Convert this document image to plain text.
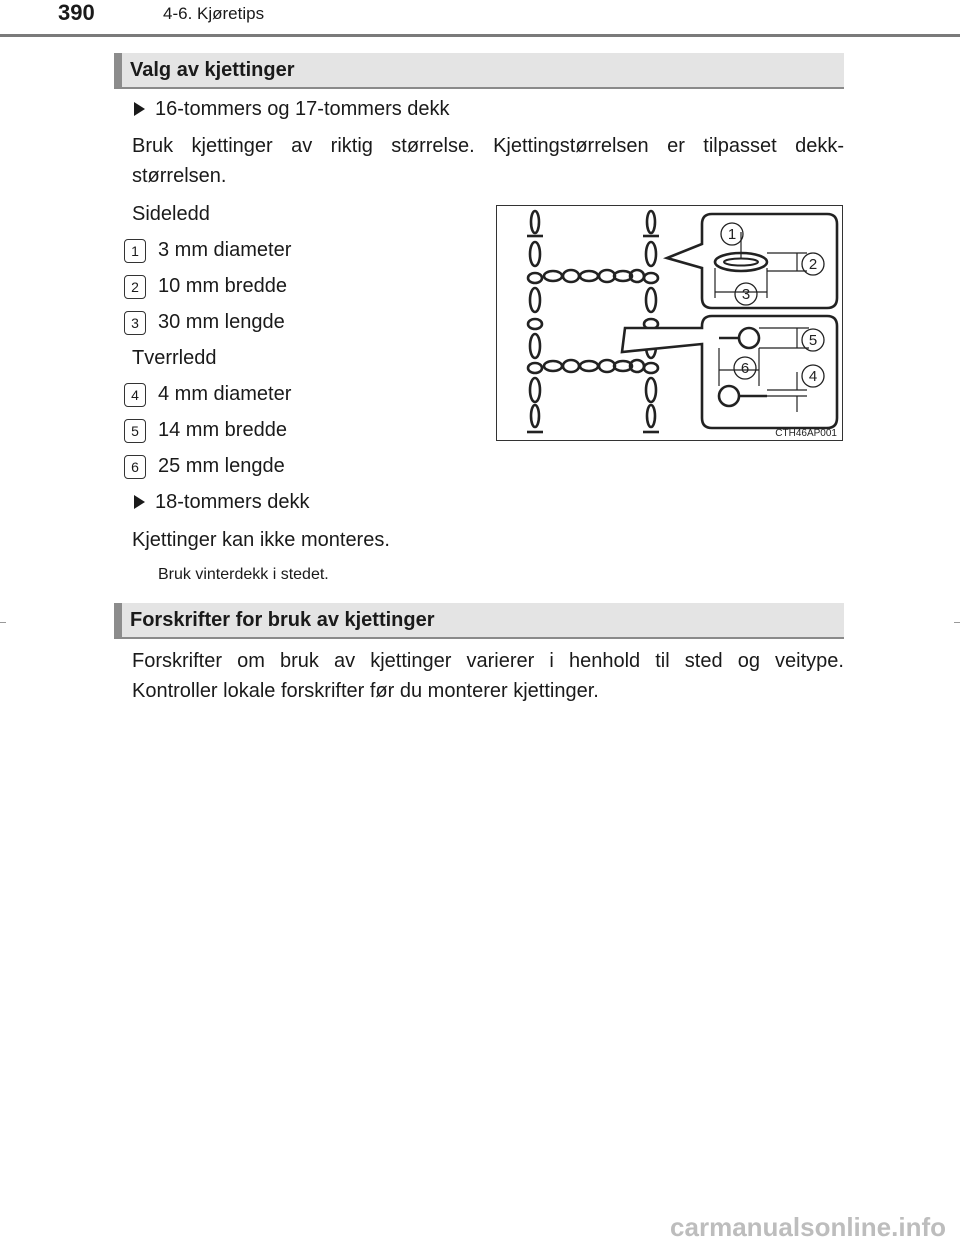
390	4-6. Kjøretips
Valg av kjettinger
16-tommers og 17-tommers dekk
Bruk kjettinger av riktig størrelse. Kjettingstørrelsen er tilpasset dekk-
størrelsen.
Sideledd
1 3 mm diameter
2 10 mm bredde
3 30 mm lengde
Tverrledd
4 4 mm diameter
5 14 mm bredde
6 25 mm lengde
18-tommers dekk
Kjettinger kan ikke monteres.
Bruk vinterdekk i stedet.
1
2
3
5
6	4
CTH46AP001
Forskrifter for bruk av kjettinger
Forskrifter om bruk av kjettinger varierer i henhold til sted og veitype.
Kontroller lokale forskrifter før du monterer kjettinger.
carmanualsonline.info
